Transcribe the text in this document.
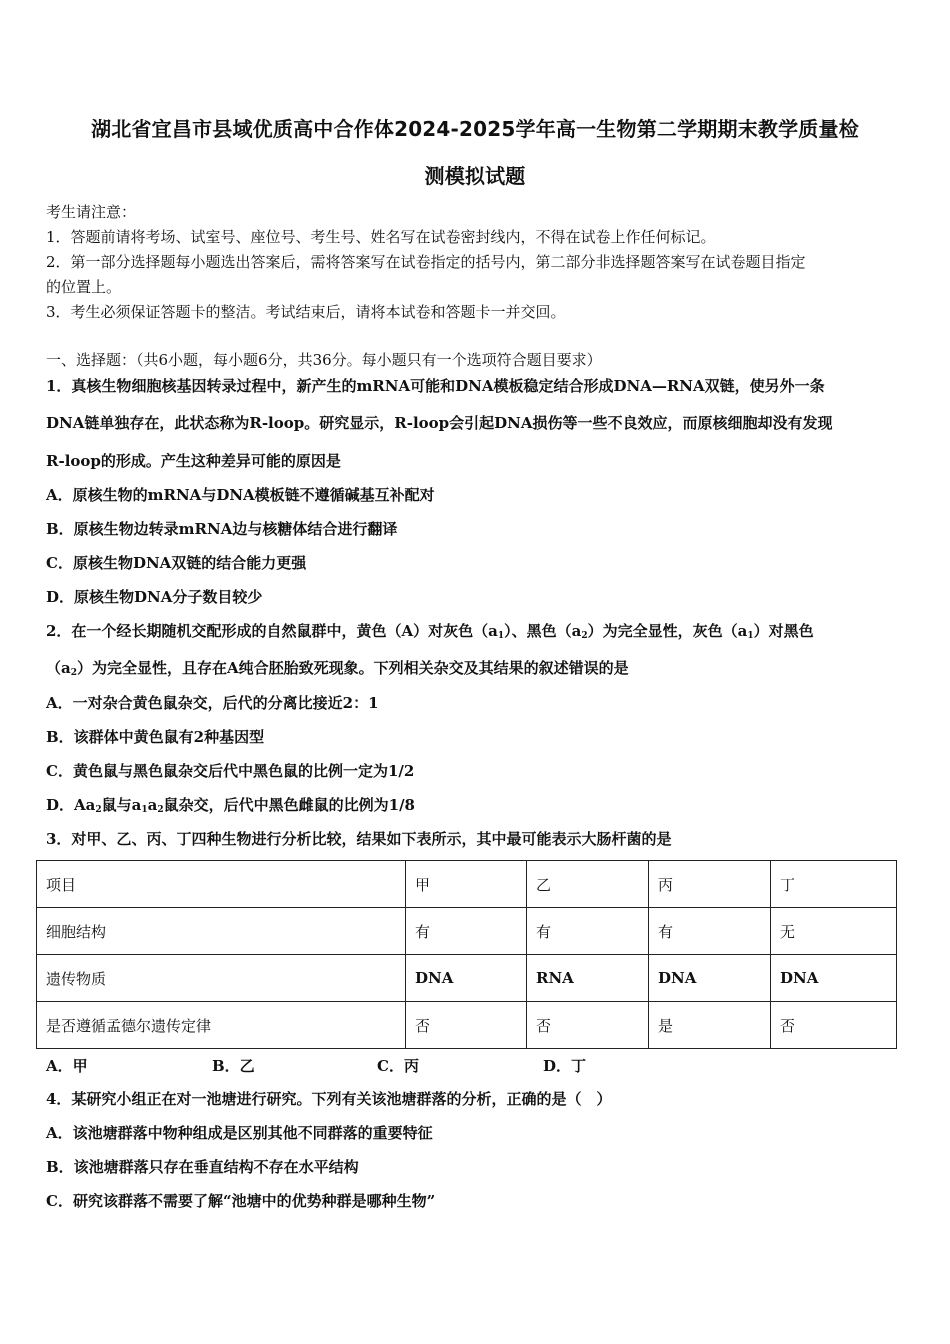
湖北省宜昌市县域优质高中合作体2024-2025学年高一生物第二学期期末教学质量检
测模拟试题
考生请注意：
1．答题前请将考场、试室号、座位号、考生号、姓名写在试卷密封线内，不得在试卷上作任何标记。
2．第一部分选择题每小题选出答案后，需将答案写在试卷指定的括号内，第二部分非选择题答案写在试卷题目指定
的位置上。
3．考生必须保证答题卡的整洁。考试结束后，请将本试卷和答题卡一并交回。
一、选择题：（共6小题，每小题6分，共36分。每小题只有一个选项符合题目要求）
1．真核生物细胞核基因转录过程中，新产生的mRNA可能和DNA模板稳定结合形成DNA—RNA双链，使另外一条
DNA链单独存在，此状态称为R-loop。研究显示，R-loop会引起DNA损伤等一些不良效应，而原核细胞却没有发现
R-loop的形成。产生这种差异可能的原因是
A．原核生物的mRNA与DNA模板链不遵循碱基互补配对
B．原核生物边转录mRNA边与核糖体结合进行翻译
C．原核生物DNA双链的结合能力更强
D．原核生物DNA分子数目较少
2．在一个经长期随机交配形成的自然鼠群中，黄色（A）对灰色$(a_1)$、黑色$(a_2)$为完全显性，灰色$(a_1)$对黑色
$(a_2)$为完全显性，且存在A纯合胚胎致死现象。下列相关杂交及其结果的叙述错误的是
A．一对杂合黄色鼠杂交，后代的分离比接近2：1
B．该群体中黄色鼠有2种基因型
C．黄色鼠与黑色鼠杂交后代中黑色鼠的比例一定为1/2
D．$Aa_2$鼠与$a_1a_2$鼠杂交，后代中黑色雌鼠的比例为1/8
3．对甲、乙、丙、丁四种生物进行分析比较，结果如下表所示，其中最可能表示大肠杆菌的是
项目	甲	乙	丙	丁
细胞结构	有	有	有	无
遗传物质	DNA	RNA	DNA	DNA
是否遵循孟德尔遗传定律	否	否	是	否
A．甲	B．乙	C．丙	D．丁
4．某研究小组正在对一池塘进行研究。下列有关该池塘群落的分析，正确的是（　）
A．该池塘群落中物种组成是区别其他不同群落的重要特征
B．该池塘群落只存在垂直结构不存在水平结构
C．研究该群落不需要了解“池塘中的优势种群是哪种生物”
